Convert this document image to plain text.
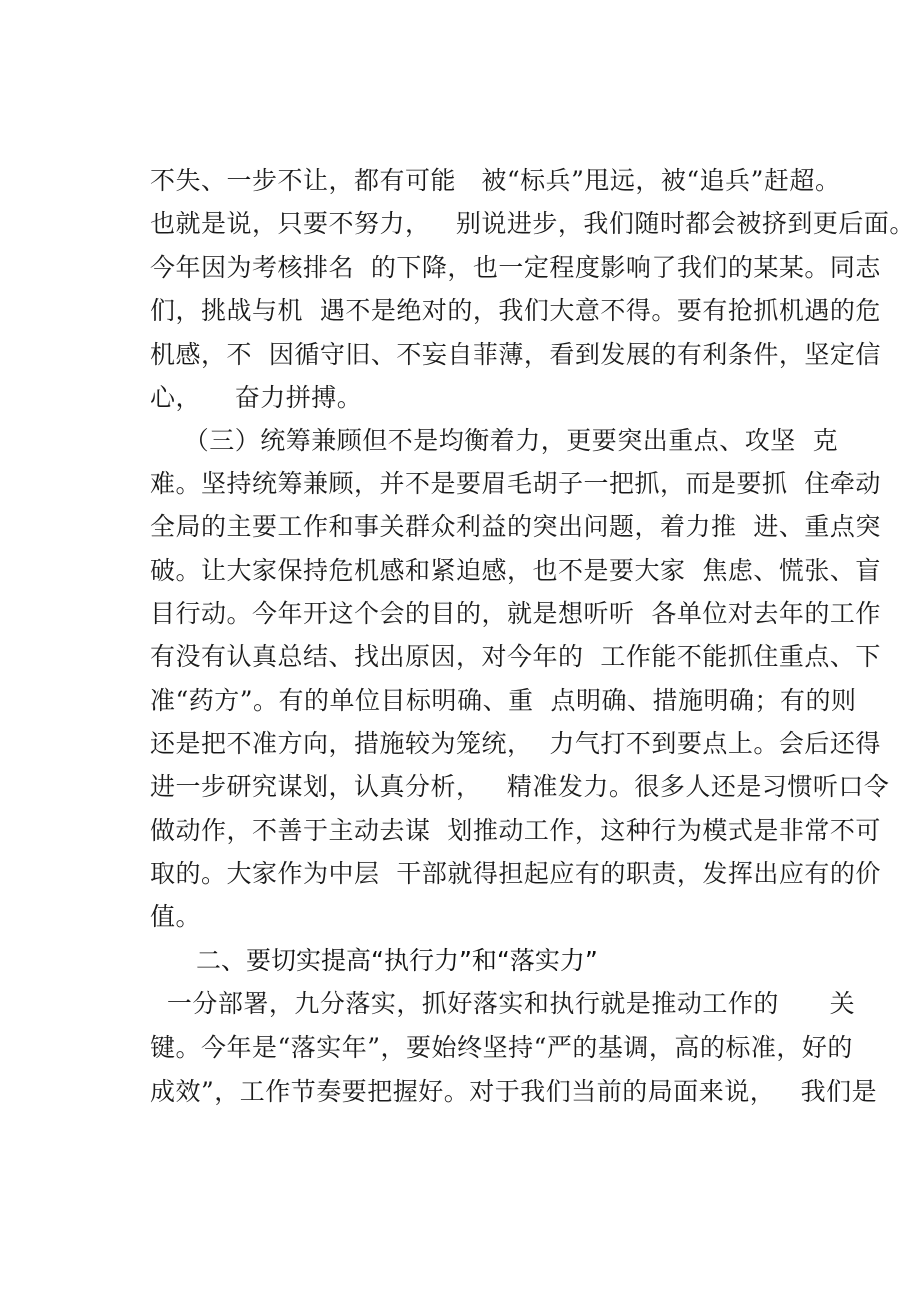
不失、一步不让，都有可能   被“标兵”甩远，被“追兵”赶超。
也就是说，只要不努力，   别说进步，我们随时都会被挤到更后面。
今年因为考核排名  的下降，也一定程度影响了我们的某某。同志
们，挑战与机  遇不是绝对的，我们大意不得。要有抢抓机遇的危
机感，不  因循守旧、不妄自菲薄，看到发展的有利条件，坚定信
心，    奋力拼搏。
（三）统筹兼顾但不是均衡着力，更要突出重点、攻坚  克
难。坚持统筹兼顾，并不是要眉毛胡子一把抓，而是要抓  住牵动
全局的主要工作和事关群众利益的突出问题，着力推  进、重点突
破。让大家保持危机感和紧迫感，也不是要大家  焦虑、慌张、盲
目行动。今年开这个会的目的，就是想听听  各单位对去年的工作
有没有认真总结、找出原因，对今年的  工作能不能抓住重点、下
准“药方”。有的单位目标明确、重  点明确、措施明确；有的则
还是把不准方向，措施较为笼统，  力气打不到要点上。会后还得
进一步研究谋划，认真分析，   精准发力。很多人还是习惯听口令
做动作，不善于主动去谋  划推动工作，这种行为模式是非常不可
取的。大家作为中层  干部就得担起应有的职责，发挥出应有的价
值。
二、要切实提高“执行力”和“落实力”
一分部署，九分落实，抓好落实和执行就是推动工作的      关
键。今年是“落实年”，要始终坚持“严的基调，高的标准，好的
成效”，工作节奏要把握好。对于我们当前的局面来说，   我们是
